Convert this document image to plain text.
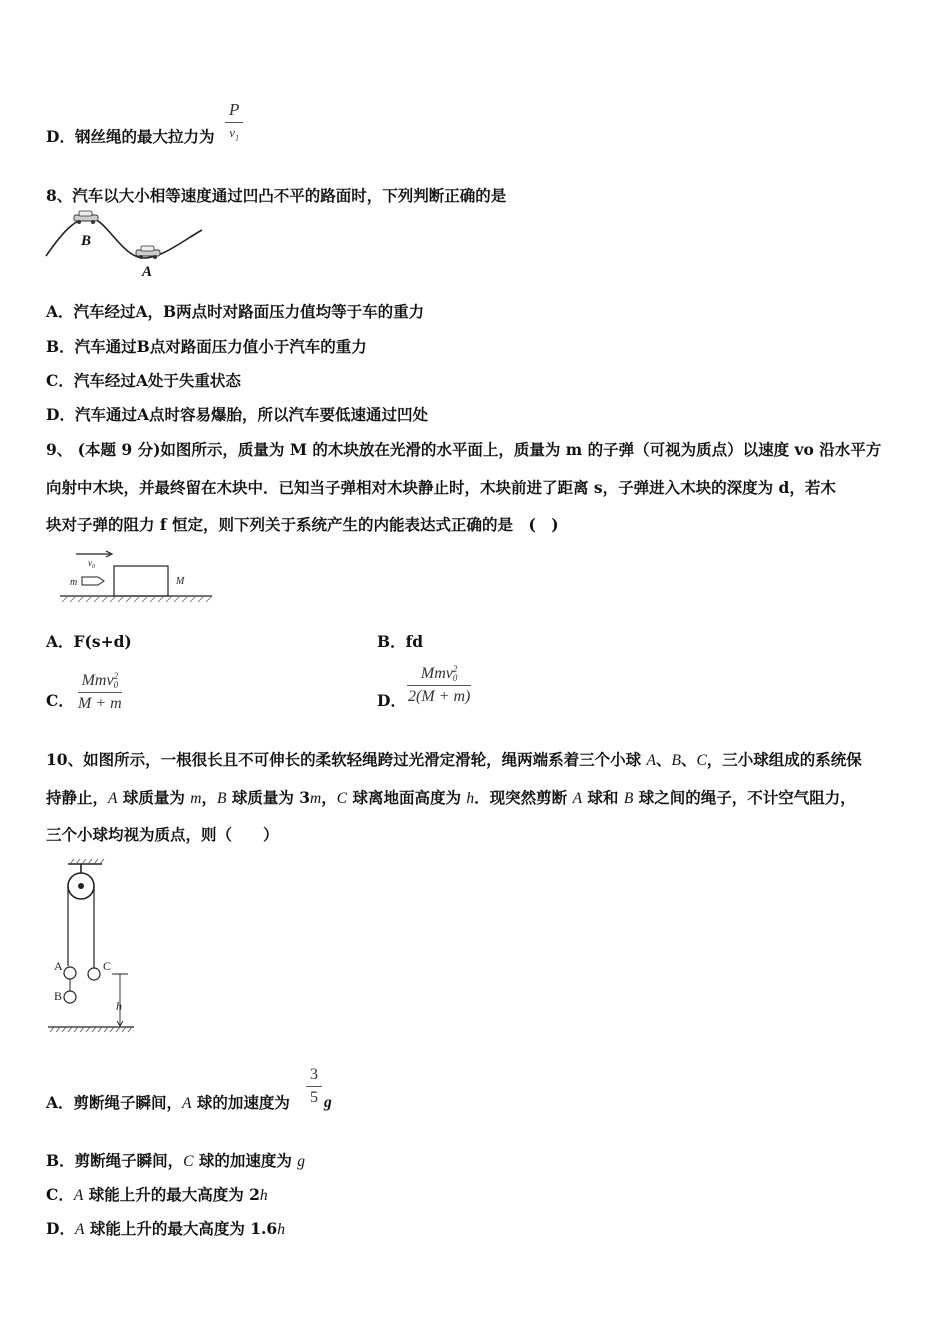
D．钢丝绳的最大拉力为
P
$v_1$
8、汽车以大小相等速度通过凹凸不平的路面时，下列判断正确的是
B
A
A．汽车经过A，B两点时对路面压力值均等于车的重力
B．汽车通过B点对路面压力值小于汽车的重力
C．汽车经过A处于失重状态
D．汽车通过A点时容易爆胎，所以汽车要低速通过凹处
9、 (本题 9 分)如图所示，质量为 M 的木块放在光滑的水平面上，质量为 m 的子弹（可视为质点）以速度 vo 沿水平方
向射中木块，并最终留在木块中．已知当子弹相对木块静止时，木块前进了距离 s，子弹进入木块的深度为 d，若木
块对子弹的阻力 f 恒定，则下列关于系统产生的内能表达式正确的是　(　)
$v_0$
m	M
A．F(s+d)	B．fd
C．
Mmv 2
0
M + m	D．
Mmv 2
0
2(M + m)
10、如图所示，一根很长且不可伸长的柔软轻绳跨过光滑定滑轮，绳两端系着三个小球 A、B、C，三小球组成的系统保
持静止，A 球质量为 m，B 球质量为 3m，C 球离地面高度为 h．现突然剪断 A 球和 B 球之间的绳子，不计空气阻力，
三个小球均视为质点，则（　　）
A
B
C
h
A．剪断绳子瞬间，A 球的加速度为 $\frac{3}{5}$ g
B．剪断绳子瞬间，C 球的加速度为 g
C．A 球能上升的最大高度为 2h
D．A 球能上升的最大高度为 1.6h
